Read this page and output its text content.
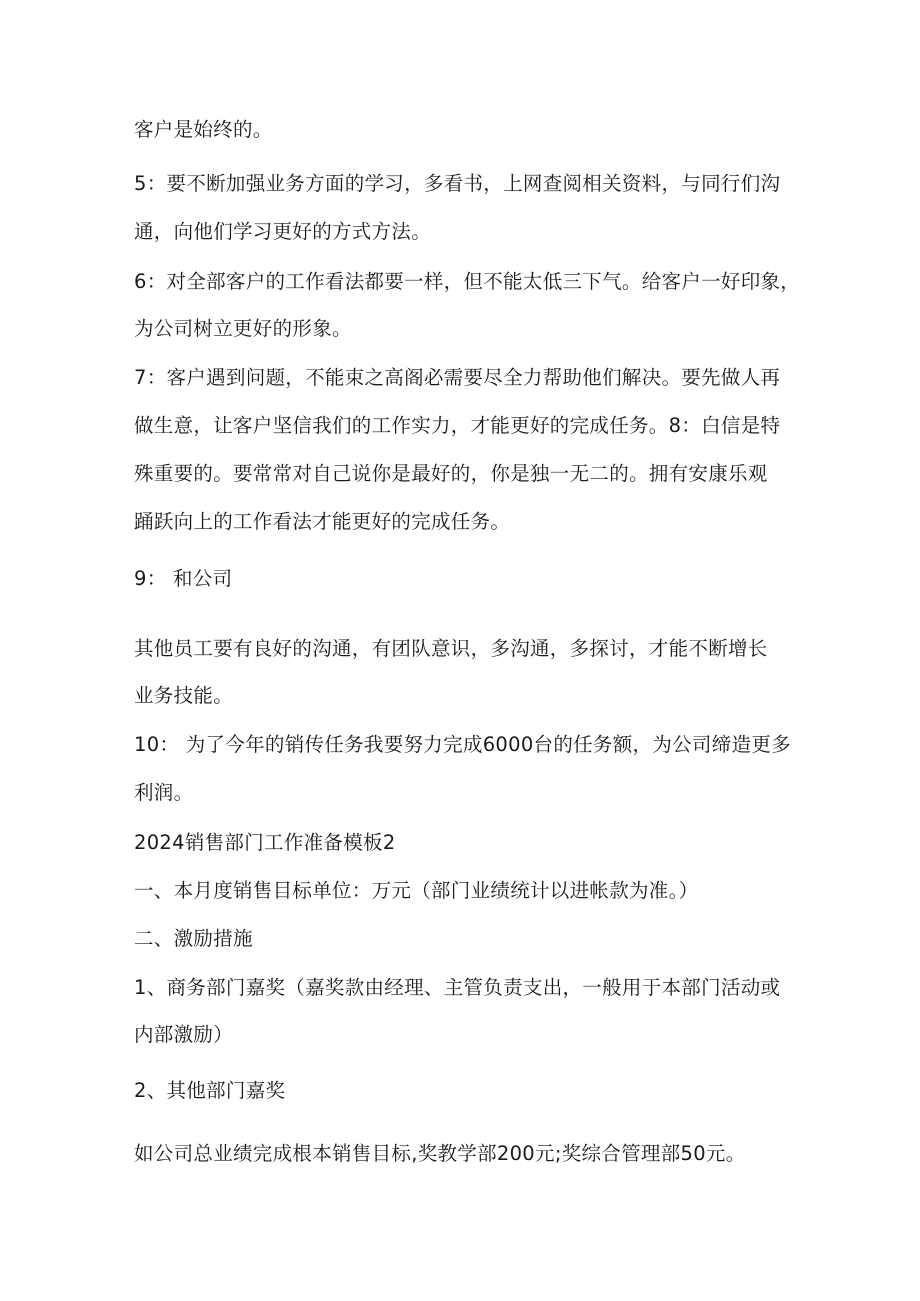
客户是始终的。

5：要不断加强业务方面的学习，多看书，上网查阅相关资料，与同行们沟

通，向他们学习更好的方式方法。

6：对全部客户的工作看法都要一样，但不能太低三下气。给客户一好印象，

为公司树立更好的形象。

7：客户遇到问题，不能束之高阁必需要尽全力帮助他们解决。要先做人再

做生意，让客户坚信我们的工作实力，才能更好的完成任务。8：白信是特

殊重要的。要常常对自己说你是最好的，你是独一无二的。拥有安康乐观

踊跃向上的工作看法才能更好的完成任务。

9： 和公司

其他员工要有良好的沟通，有团队意识，多沟通，多探讨，才能不断增长

业务技能。

10： 为了今年的销传任务我要努力完成6000台的任务额，为公司缔造更多

利润。

2024销售部门工作准备模板2

一、本月度销售目标单位：万元（部门业绩统计以进帐款为准。）

二、激励措施

1、商务部门嘉奖（嘉奖款由经理、主管负责支出，一般用于本部门活动或

内部激励）

2、其他部门嘉奖

如公司总业绩完成根本销售目标,奖教学部200元;奖综合管理部50元。
